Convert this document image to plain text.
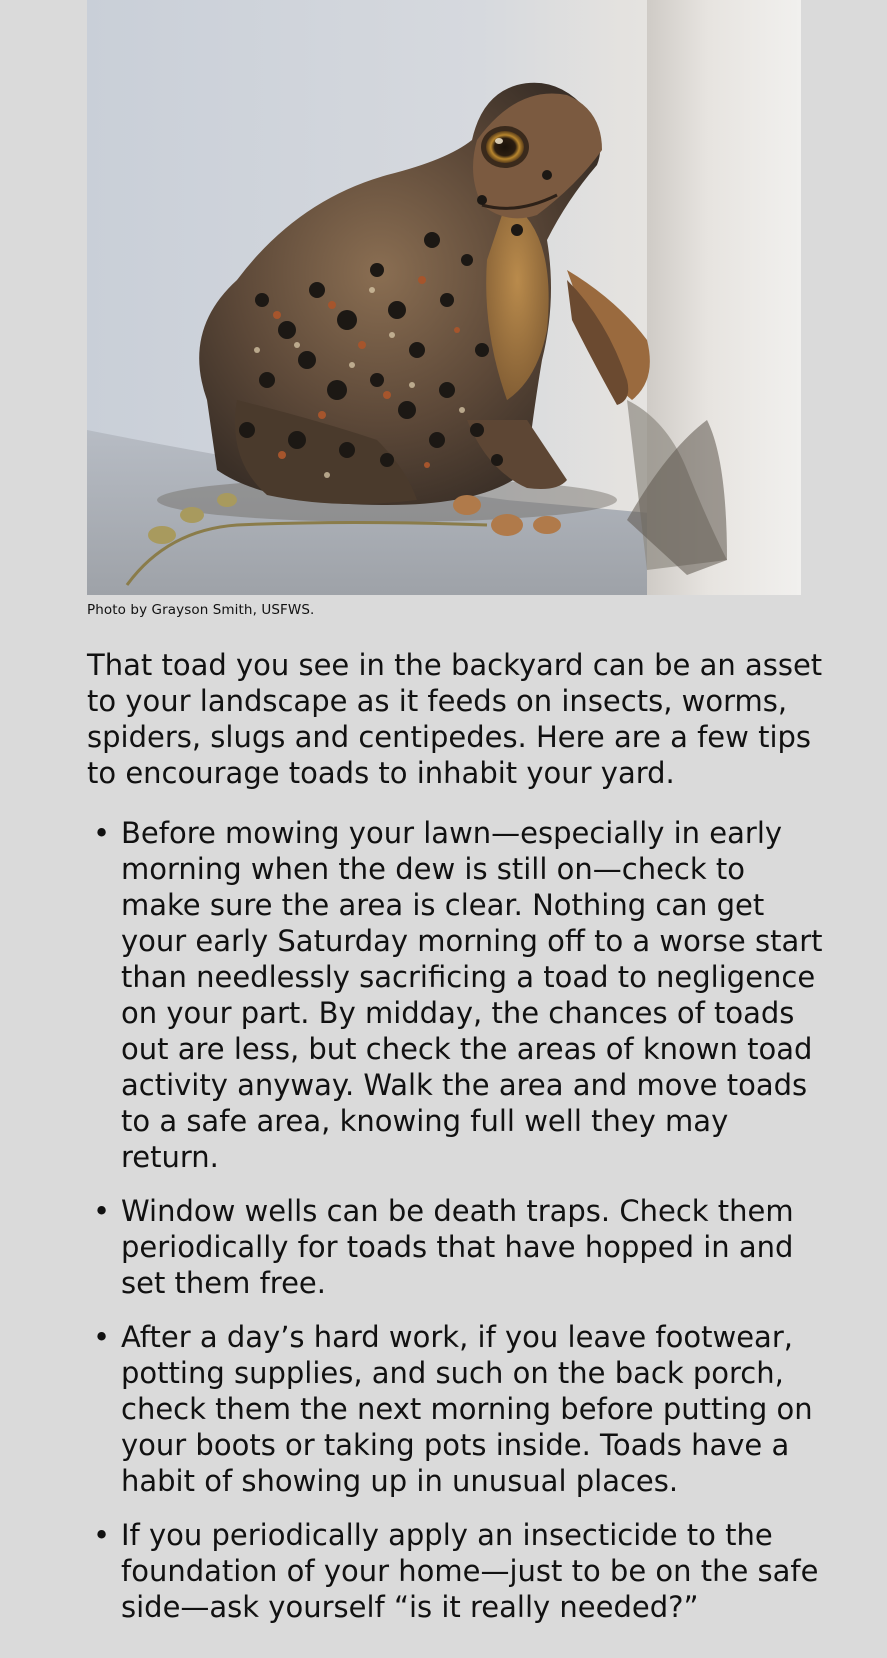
Photo by Grayson Smith, USFWS.

That toad you see in the backyard can be an asset to your landscape as it feeds on insects, worms, spiders, slugs and centipedes. Here are a few tips to encourage toads to inhabit your yard.

• Before mowing your lawn—especially in early morning when the dew is still on—check to make sure the area is clear. Nothing can get your early Saturday morning off to a worse start than needlessly sacrificing a toad to negligence on your part. By midday, the chances of toads out are less, but check the areas of known toad activity anyway. Walk the area and move toads to a safe area, knowing full well they may return.
• Window wells can be death traps. Check them periodically for toads that have hopped in and set them free.
• After a day’s hard work, if you leave footwear, potting supplies, and such on the back porch, check them the next morning before putting on your boots or taking pots inside. Toads have a habit of showing up in unusual places.
• If you periodically apply an insecticide to the foundation of your home—just to be on the safe side—ask yourself “is it really needed?”
